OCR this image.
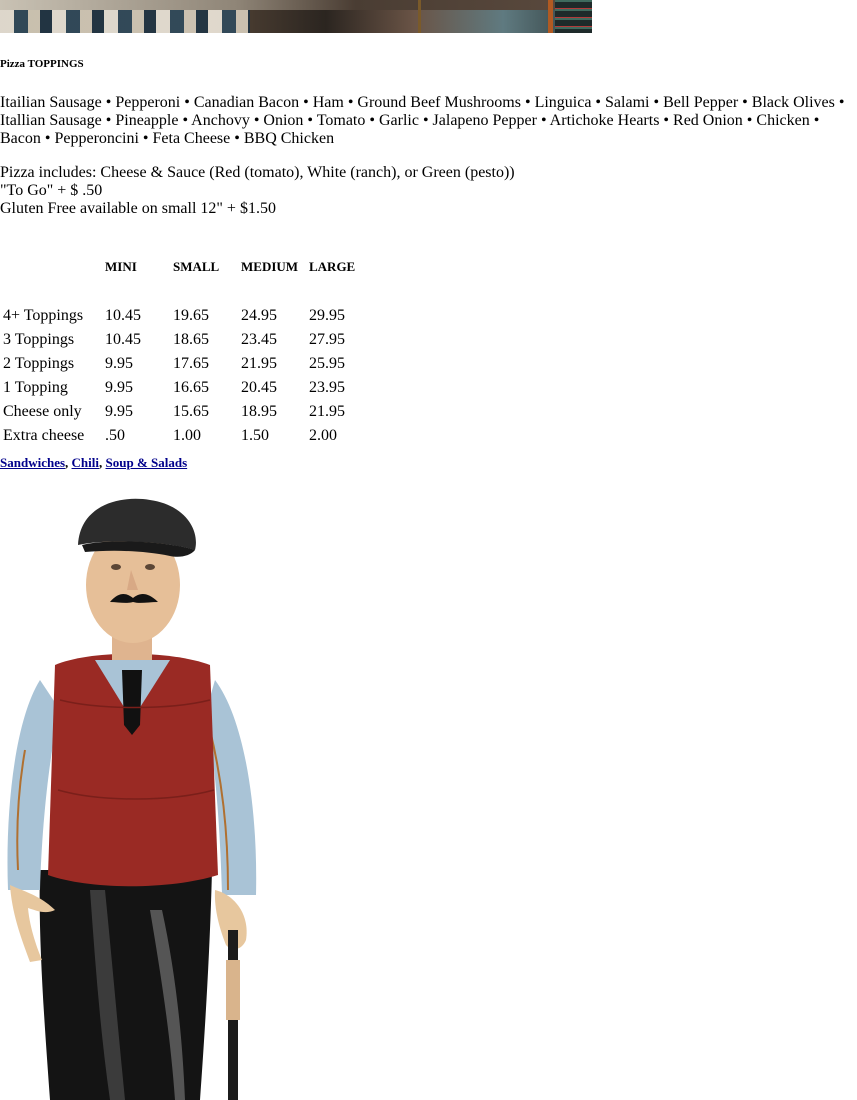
Pizza TOPPINGS

Itailian Sausage • Pepperoni • Canadian Bacon • Ham • Ground Beef Mushrooms • Linguica • Salami • Bell Pepper • Black Olives • Itallian Sausage • Pineapple • Anchovy • Onion • Tomato • Garlic • Jalapeno Pepper • Artichoke Hearts • Red Onion • Chicken • Bacon • Pepperoncini • Feta Cheese • BBQ Chicken

Pizza includes: Cheese & Sauce (Red (tomato), White (ranch), or Green (pesto))
"To Go" + $ .50
Gluten Free available on small 12" + $1.50
	MINI	SMALL	MEDIUM	LARGE

4+ Toppings	10.45	19.65	24.95	29.95
3 Toppings	10.45	18.65	23.45	27.95
2 Toppings	9.95	17.65	21.95	25.95
1 Topping	9.95	16.65	20.45	23.95
Cheese only	9.95	15.65	18.95	21.95
Extra cheese	.50	1.00	1.50	2.00

Sandwiches, Chili, Soup & Salads
